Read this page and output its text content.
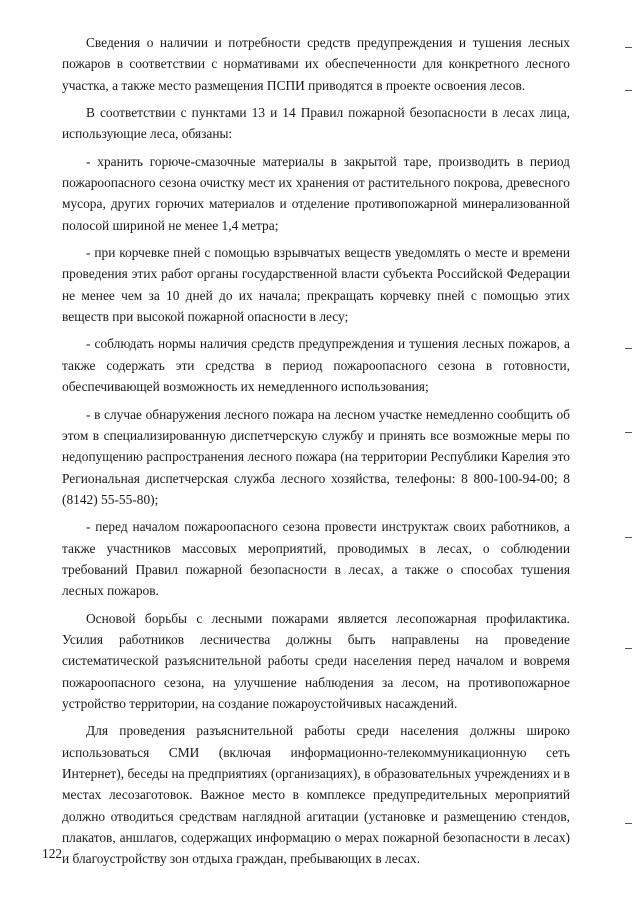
Сведения о наличии и потребности средств предупреждения и тушения лесных пожаров в соответствии с нормативами их обеспеченности для конкретного лесного участка, а также место размещения ПСПИ приводятся в проекте освоения лесов.

В соответствии с пунктами 13 и 14 Правил пожарной безопасности в лесах лица, использующие леса, обязаны:

- хранить горюче-смазочные материалы в закрытой таре, производить в период пожароопасного сезона очистку мест их хранения от растительного покрова, древесного мусора, других горючих материалов и отделение противопожарной минерализованной полосой шириной не менее 1,4 метра;

- при корчевке пней с помощью взрывчатых веществ уведомлять о месте и времени проведения этих работ органы государственной власти субъекта Российской Федерации не менее чем за 10 дней до их начала; прекращать корчевку пней с помощью этих веществ при высокой пожарной опасности в лесу;

- соблюдать нормы наличия средств предупреждения и тушения лесных пожаров, а также содержать эти средства в период пожароопасного сезона в готовности, обеспечивающей возможность их немедленного использования;

- в случае обнаружения лесного пожара на лесном участке немедленно сообщить об этом в специализированную диспетчерскую службу и принять все возможные меры по недопущению распространения лесного пожара (на территории Республики Карелия это Региональная диспетчерская служба лесного хозяйства, телефоны: 8 800-100-94-00; 8 (8142) 55-55-80);

- перед началом пожароопасного сезона провести инструктаж своих работников, а также участников массовых мероприятий, проводимых в лесах, о соблюдении требований Правил пожарной безопасности в лесах, а также о способах тушения лесных пожаров.

Основой борьбы с лесными пожарами является лесопожарная профилактика. Усилия работников лесничества должны быть направлены на проведение систематической разъяснительной работы среди населения перед началом и вовремя пожароопасного сезона, на улучшение наблюдения за лесом, на противопожарное устройство территории, на создание пожароустойчивых насаждений.

Для проведения разъяснительной работы среди населения должны широко использоваться СМИ (включая информационно-телекоммуникационную сеть Интернет), беседы на предприятиях (организациях), в образовательных учреждениях и в местах лесозаготовок. Важное место в комплексе предупредительных мероприятий должно отводиться средствам наглядной агитации (установке и размещению стендов, плакатов, аншлагов, содержащих информацию о мерах пожарной безопасности в лесах) и благоустройству зон отдыха граждан, пребывающих в лесах.

122
